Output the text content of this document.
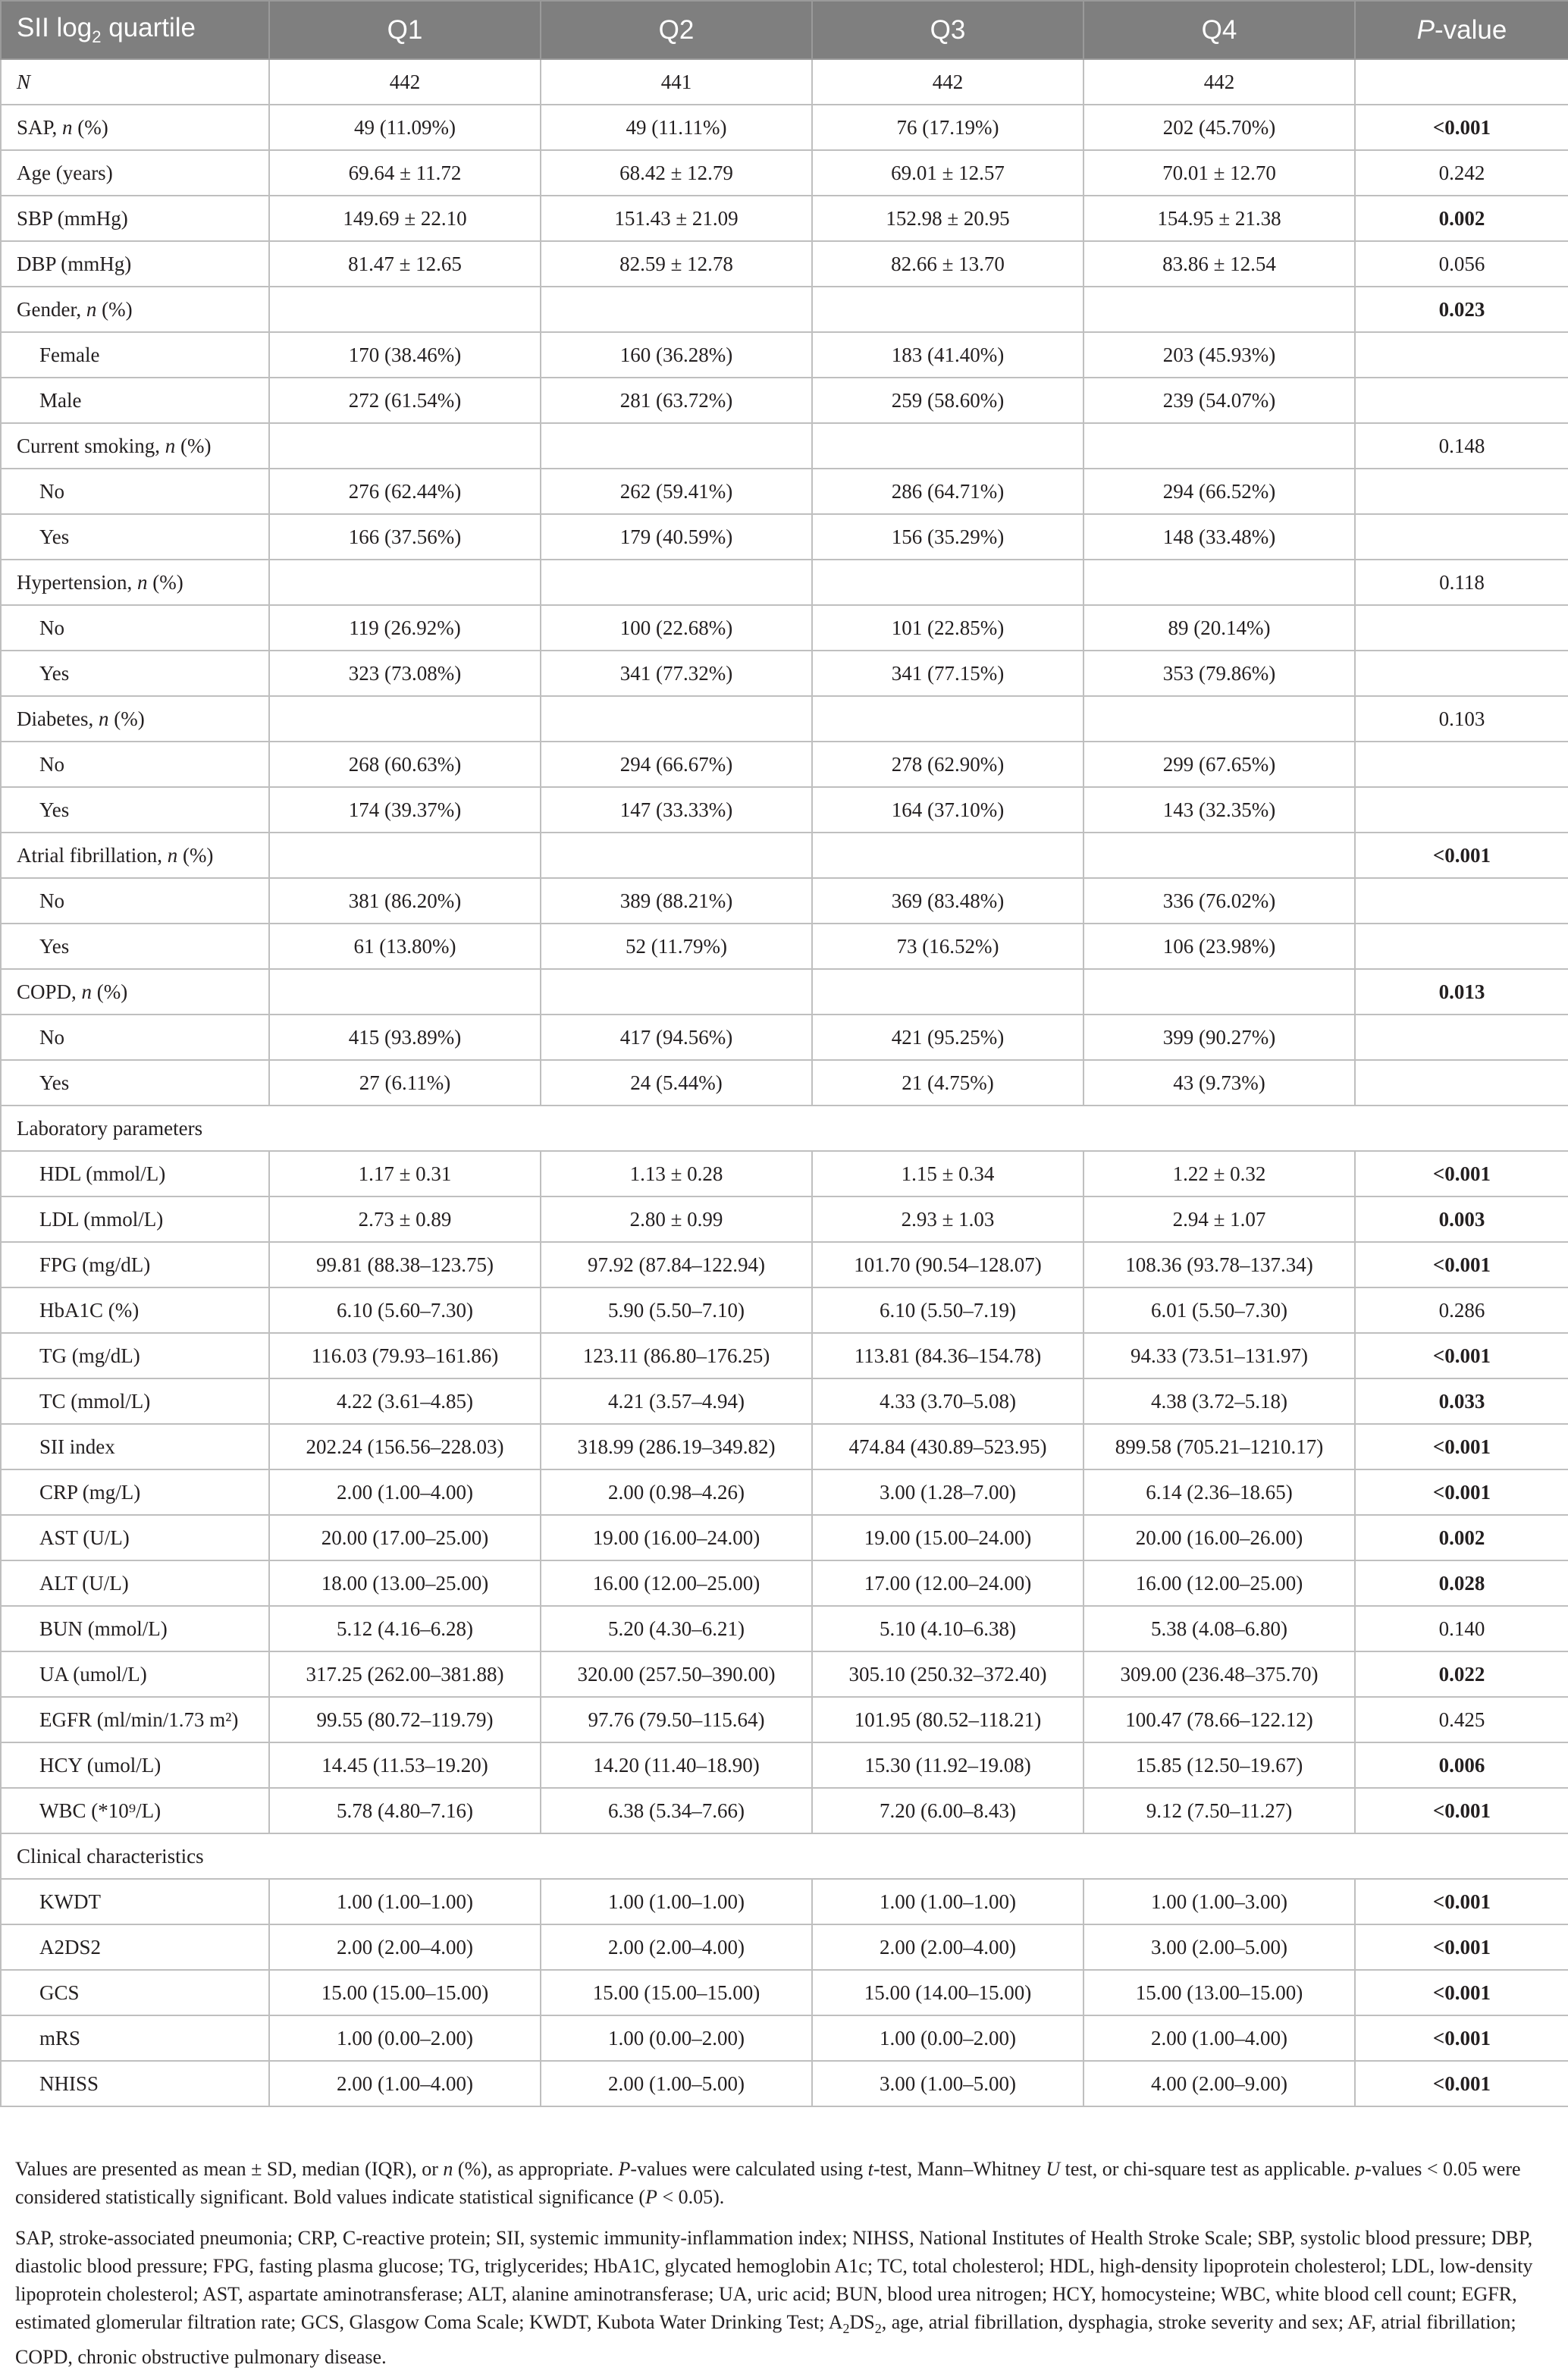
SII $\log_2$ quartile	Q1	Q2	Q3	Q4	P-value
N	442	441	442	442	
SAP, n (%)	49 (11.09%)	49 (11.11%)	76 (17.19%)	202 (45.70%)	<0.001
Age (years)	69.64 ± 11.72	68.42 ± 12.79	69.01 ± 12.57	70.01 ± 12.70	0.242
SBP (mmHg)	149.69 ± 22.10	151.43 ± 21.09	152.98 ± 20.95	154.95 ± 21.38	0.002
DBP (mmHg)	81.47 ± 12.65	82.59 ± 12.78	82.66 ± 13.70	83.86 ± 12.54	0.056
Gender, n (%)					0.023
Female	170 (38.46%)	160 (36.28%)	183 (41.40%)	203 (45.93%)	
Male	272 (61.54%)	281 (63.72%)	259 (58.60%)	239 (54.07%)	
Current smoking, n (%)					0.148
No	276 (62.44%)	262 (59.41%)	286 (64.71%)	294 (66.52%)	
Yes	166 (37.56%)	179 (40.59%)	156 (35.29%)	148 (33.48%)	
Hypertension, n (%)					0.118
No	119 (26.92%)	100 (22.68%)	101 (22.85%)	89 (20.14%)	
Yes	323 (73.08%)	341 (77.32%)	341 (77.15%)	353 (79.86%)	
Diabetes, n (%)					0.103
No	268 (60.63%)	294 (66.67%)	278 (62.90%)	299 (67.65%)	
Yes	174 (39.37%)	147 (33.33%)	164 (37.10%)	143 (32.35%)	
Atrial fibrillation, n (%)					<0.001
No	381 (86.20%)	389 (88.21%)	369 (83.48%)	336 (76.02%)	
Yes	61 (13.80%)	52 (11.79%)	73 (16.52%)	106 (23.98%)	
COPD, n (%)					0.013
No	415 (93.89%)	417 (94.56%)	421 (95.25%)	399 (90.27%)	
Yes	27 (6.11%)	24 (5.44%)	21 (4.75%)	43 (9.73%)	
Laboratory parameters					
HDL (mmol/L)	1.17 ± 0.31	1.13 ± 0.28	1.15 ± 0.34	1.22 ± 0.32	<0.001
LDL (mmol/L)	2.73 ± 0.89	2.80 ± 0.99	2.93 ± 1.03	2.94 ± 1.07	0.003
FPG (mg/dL)	99.81 (88.38–123.75)	97.92 (87.84–122.94)	101.70 (90.54–128.07)	108.36 (93.78–137.34)	<0.001
HbA1C (%)	6.10 (5.60–7.30)	5.90 (5.50–7.10)	6.10 (5.50–7.19)	6.01 (5.50–7.30)	0.286
TG (mg/dL)	116.03 (79.93–161.86)	123.11 (86.80–176.25)	113.81 (84.36–154.78)	94.33 (73.51–131.97)	<0.001
TC (mmol/L)	4.22 (3.61–4.85)	4.21 (3.57–4.94)	4.33 (3.70–5.08)	4.38 (3.72–5.18)	0.033
SII index	202.24 (156.56–228.03)	318.99 (286.19–349.82)	474.84 (430.89–523.95)	899.58 (705.21–1210.17)	<0.001
CRP (mg/L)	2.00 (1.00–4.00)	2.00 (0.98–4.26)	3.00 (1.28–7.00)	6.14 (2.36–18.65)	<0.001
AST (U/L)	20.00 (17.00–25.00)	19.00 (16.00–24.00)	19.00 (15.00–24.00)	20.00 (16.00–26.00)	0.002
ALT (U/L)	18.00 (13.00–25.00)	16.00 (12.00–25.00)	17.00 (12.00–24.00)	16.00 (12.00–25.00)	0.028
BUN (mmol/L)	5.12 (4.16–6.28)	5.20 (4.30–6.21)	5.10 (4.10–6.38)	5.38 (4.08–6.80)	0.140
UA (umol/L)	317.25 (262.00–381.88)	320.00 (257.50–390.00)	305.10 (250.32–372.40)	309.00 (236.48–375.70)	0.022
EGFR (ml/min/1.73 m²)	99.55 (80.72–119.79)	97.76 (79.50–115.64)	101.95 (80.52–118.21)	100.47 (78.66–122.12)	0.425
HCY (umol/L)	14.45 (11.53–19.20)	14.20 (11.40–18.90)	15.30 (11.92–19.08)	15.85 (12.50–19.67)	0.006
WBC (*10⁹/L)	5.78 (4.80–7.16)	6.38 (5.34–7.66)	7.20 (6.00–8.43)	9.12 (7.50–11.27)	<0.001
Clinical characteristics					
KWDT	1.00 (1.00–1.00)	1.00 (1.00–1.00)	1.00 (1.00–1.00)	1.00 (1.00–3.00)	<0.001
A2DS2	2.00 (2.00–4.00)	2.00 (2.00–4.00)	2.00 (2.00–4.00)	3.00 (2.00–5.00)	<0.001
GCS	15.00 (15.00–15.00)	15.00 (15.00–15.00)	15.00 (14.00–15.00)	15.00 (13.00–15.00)	<0.001
mRS	1.00 (0.00–2.00)	1.00 (0.00–2.00)	1.00 (0.00–2.00)	2.00 (1.00–4.00)	<0.001
NHISS	2.00 (1.00–4.00)	2.00 (1.00–5.00)	3.00 (1.00–5.00)	4.00 (2.00–9.00)	<0.001
Values are presented as mean ± SD, median (IQR), or n (%), as appropriate. P-values were calculated using t-test, Mann–Whitney U test, or chi-square test as applicable. p-values < 0.05 were considered statistically significant. Bold values indicate statistical significance (P < 0.05).
SAP, stroke-associated pneumonia; CRP, C-reactive protein; SII, systemic immunity-inflammation index; NIHSS, National Institutes of Health Stroke Scale; SBP, systolic blood pressure; DBP, diastolic blood pressure; FPG, fasting plasma glucose; TG, triglycerides; HbA1C, glycated hemoglobin A1c; TC, total cholesterol; HDL, high-density lipoprotein cholesterol; LDL, low-density lipoprotein cholesterol; AST, aspartate aminotransferase; ALT, alanine aminotransferase; UA, uric acid; BUN, blood urea nitrogen; HCY, homocysteine; WBC, white blood cell count; EGFR, estimated glomerular filtration rate; GCS, Glasgow Coma Scale; KWDT, Kubota Water Drinking Test; $A_2DS_2$, age, atrial fibrillation, dysphagia, stroke severity and sex; AF, atrial fibrillation; COPD, chronic obstructive pulmonary disease.
